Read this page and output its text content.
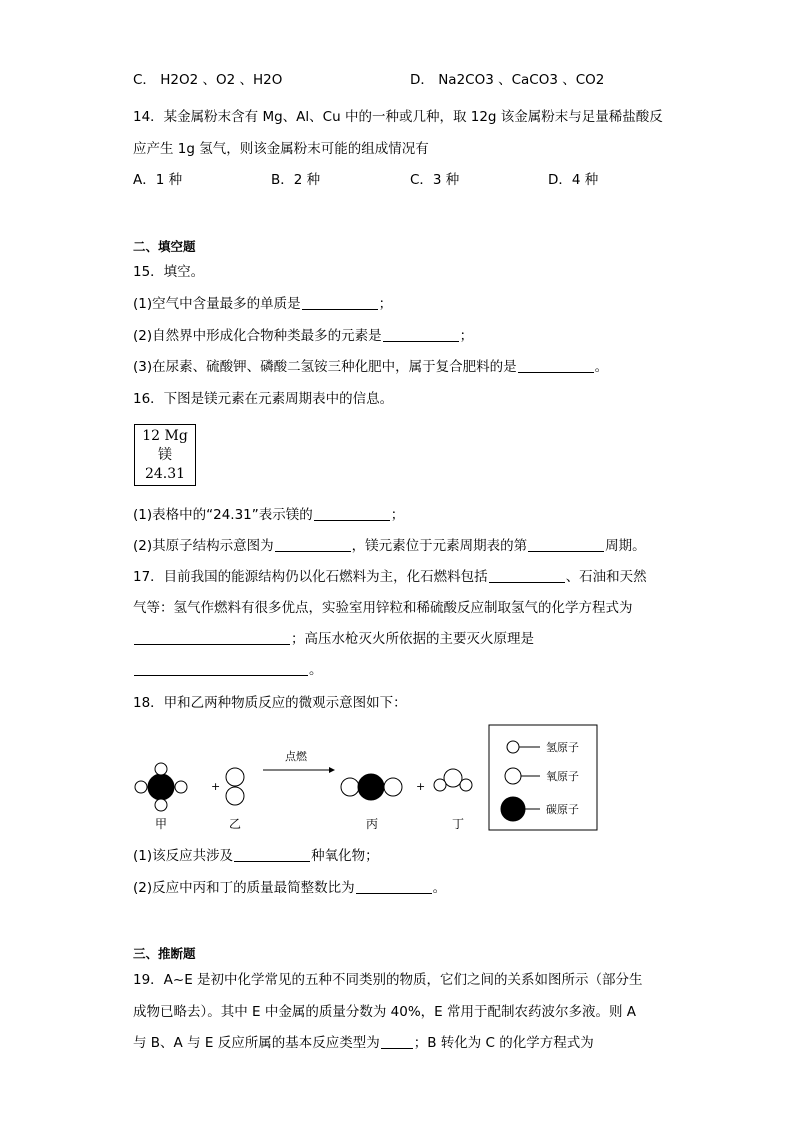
C． H2O2 、O2 、H2O	D． Na2CO3 、CaCO3 、CO2
14．某金属粉末含有 Mg、Al、Cu 中的一种或几种，取 12g 该金属粉末与足量稀盐酸反
应产生 1g 氢气，则该金属粉末可能的组成情况有
A．1 种	B．2 种	C．3 种	D．4 种
二、填空题
15．填空。
(1)空气中含量最多的单质是	；
(2)自然界中形成化合物种类最多的元素是	；
(3)在尿素、硫酸钾、磷酸二氢铵三种化肥中，属于复合肥料的是	。
16．下图是镁元素在元素周期表中的信息。
12 Mg
镁
24.31
(1)表格中的“24.31”表示镁的	；
(2)其原子结构示意图为	，镁元素位于元素周期表的第	周期。
17．目前我国的能源结构仍以化石燃料为主，化石燃料包括	、石油和天然
气等：氢气作燃料有很多优点，实验室用锌粒和稀硫酸反应制取氢气的化学方程式为
；高压水枪灭火所依据的主要灭火原理是
。
18．甲和乙两种物质反应的微观示意图如下：
+
点燃
+
甲	乙	丙	丁
氢原子
氧原子
碳原子
(1)该反应共涉及	种氧化物；
(2)反应中丙和丁的质量最简整数比为	。
三、推断题
19．A~E 是初中化学常见的五种不同类别的物质，它们之间的关系如图所示（部分生
成物已略去）。其中 E 中金属的质量分数为 40%，E 常用于配制农药波尔多液。则 A
与 B、A 与 E 反应所属的基本反应类型为	；B 转化为 C 的化学方程式为
